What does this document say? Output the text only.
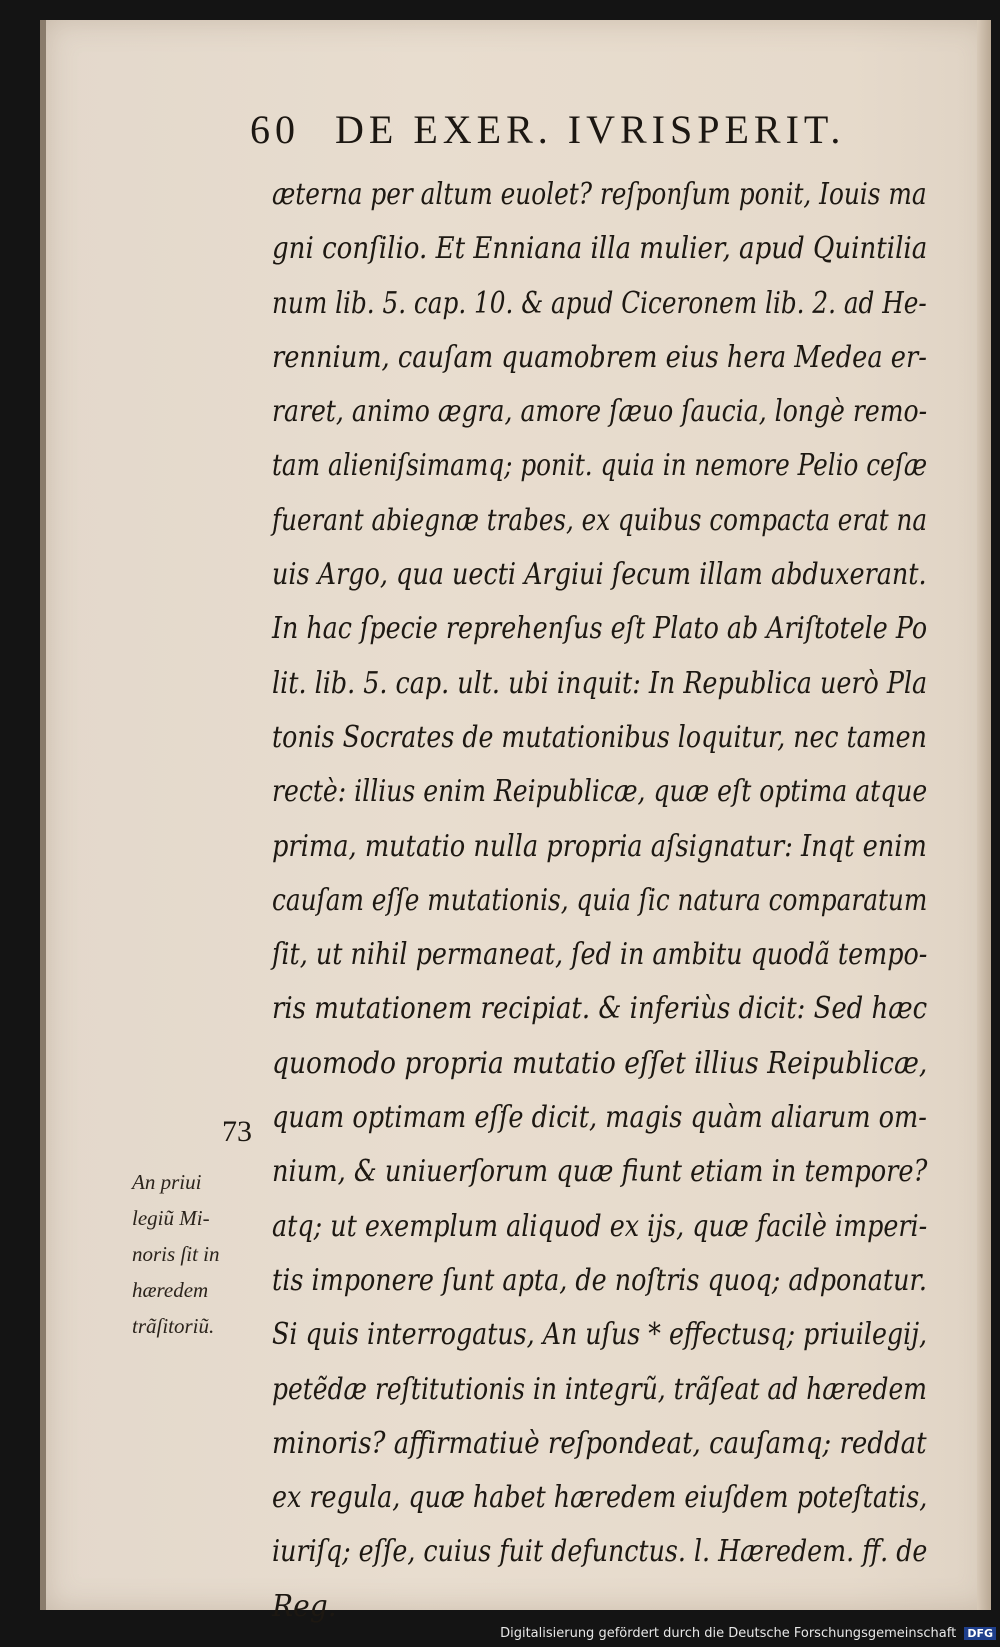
60 DE EXER. IVRISPERIT.
æterna per altum euolet? reſponſum ponit, Iouis ma
gni conſilio. Et Enniana illa mulier, apud Quintilia
num lib. 5. cap. 10. & apud Ciceronem lib. 2. ad He-
rennium, cauſam quamobrem eius hera Medea er-
raret, animo ægra, amore ſæuo ſaucia, longè remo-
tam alieniſsimamq; ponit. quia in nemore Pelio ceſæ
fuerant abiegnæ trabes, ex quibus compacta erat na
uis Argo, qua uecti Argiui ſecum illam abduxerant.
In hac ſpecie reprehenſus eſt Plato ab Ariſtotele Po
lit. lib. 5. cap. ult. ubi inquit: In Republica uerò Pla
tonis Socrates de mutationibus loquitur, nec tamen
rectè: illius enim Reipublicæ, quæ eſt optima atque
prima, mutatio nulla propria aſsignatur: Inqt enim
cauſam eſſe mutationis, quia ſic natura comparatum
ſit, ut nihil permaneat, ſed in ambitu quodã tempo-
ris mutationem recipiat. & inferiùs dicit: Sed hæc
quomodo propria mutatio eſſet illius Reipublicæ,
quam optimam eſſe dicit, magis quàm aliarum om-
nium, & uniuerſorum quæ fiunt etiam in tempore?
atq; ut exemplum aliquod ex ijs, quæ facilè imperi-
tis imponere ſunt apta, de noſtris quoq; adponatur.
Si quis interrogatus, An uſus * effectusq; priuilegij,
petẽdæ reſtitutionis in integrũ, trãſeat ad hæredem
minoris? affirmatiuè reſpondeat, cauſamq; reddat
ex regula, quæ habet hæredem eiuſdem poteſtatis,
iuriſq; eſſe, cuius fuit defunctus. l. Hæredem. ff. de
Reg.
73
An priui
legiũ Mi-
noris ſit in
hæredem
trãſitoriũ.
Digitalisierung gefördert durch die Deutsche Forschungsgemeinschaft DFG
